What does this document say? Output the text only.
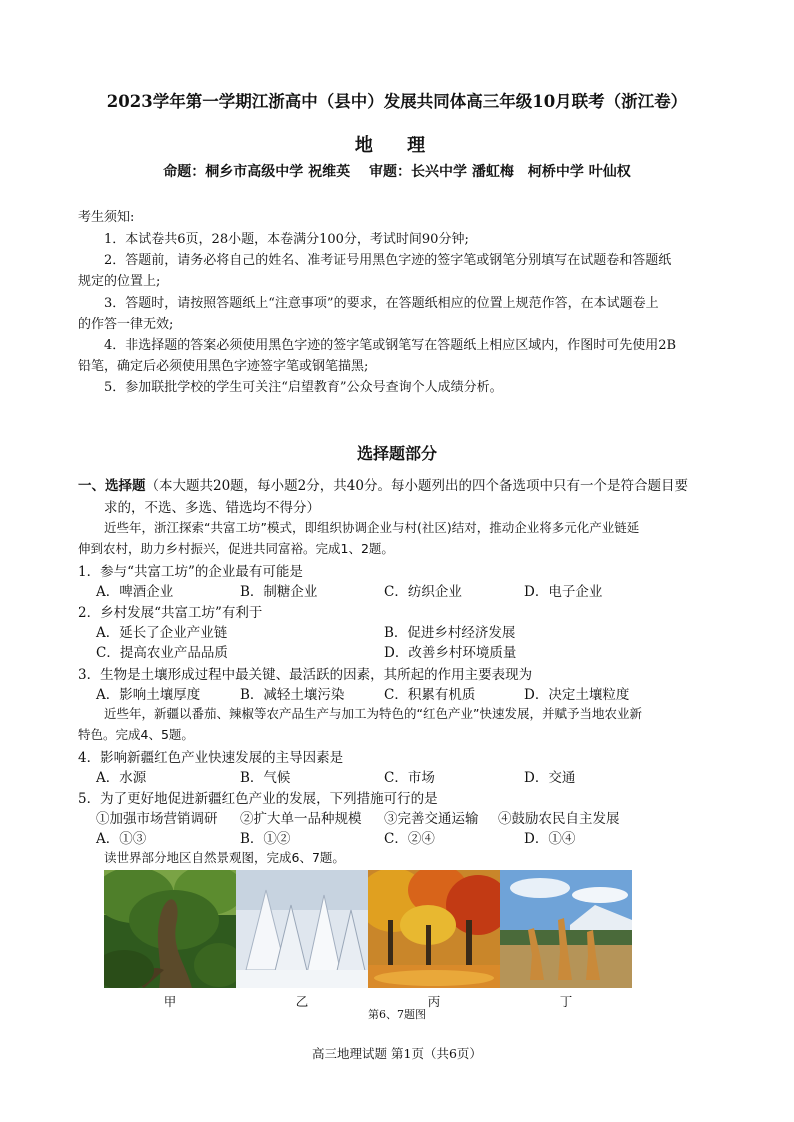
2023学年第一学期江浙高中（县中）发展共同体高三年级10月联考（浙江卷）
地 理
命题：桐乡市高级中学 祝维英　 审题：长兴中学 潘虹梅　柯桥中学 叶仙权
考生须知:
1．本试卷共6页，28小题，本卷满分100分，考试时间90分钟;
2．答题前，请务必将自己的姓名、准考证号用黑色字迹的签字笔或钢笔分别填写在试题卷和答题纸
规定的位置上;
3．答题时，请按照答题纸上“注意事项”的要求，在答题纸相应的位置上规范作答，在本试题卷上
的作答一律无效;
4．非选择题的答案必须使用黑色字迹的签字笔或钢笔写在答题纸上相应区域内，作图时可先使用2B
铅笔，确定后必须使用黑色字迹签字笔或钢笔描黑;
5．参加联批学校的学生可关注“启望教育”公众号查询个人成绩分析。
选择题部分
一、选择题（本大题共20题，每小题2分，共40分。每小题列出的四个备选项中只有一个是符合题目要
求的，不选、多选、错选均不得分）
近些年，浙江探索“共富工坊”模式，即组织协调企业与村(社区)结对，推动企业将多元化产业链延
伸到农村，助力乡村振兴，促进共同富裕。完成1、2题。
1．参与“共富工坊”的企业最有可能是
A．啤酒企业	B．制糖企业	C．纺织企业	D．电子企业
2．乡村发展“共富工坊”有利于
A．延长了企业产业链	B．促进乡村经济发展
C．提高农业产品品质	D．改善乡村环境质量
3．生物是土壤形成过程中最关键、最活跃的因素，其所起的作用主要表现为
A．影响土壤厚度	B．减轻土壤污染	C．积累有机质	D．决定土壤粒度
近些年，新疆以番茄、辣椒等农产品生产与加工为特色的“红色产业”快速发展，并赋予当地农业新
特色。完成4、5题。
4．影响新疆红色产业快速发展的主导因素是
A．水源	B．气候	C．市场	D．交通
5．为了更好地促进新疆红色产业的发展，下列措施可行的是
①加强市场营销调研 ②扩大单一品种规模 ③完善交通运输 ④鼓励农民自主发展
A．①③	B．①②	C．②④	D．①④
读世界部分地区自然景观图，完成6、7题。
甲	乙	丙	丁
第6、7题图
高三地理试题 第1页（共6页）
